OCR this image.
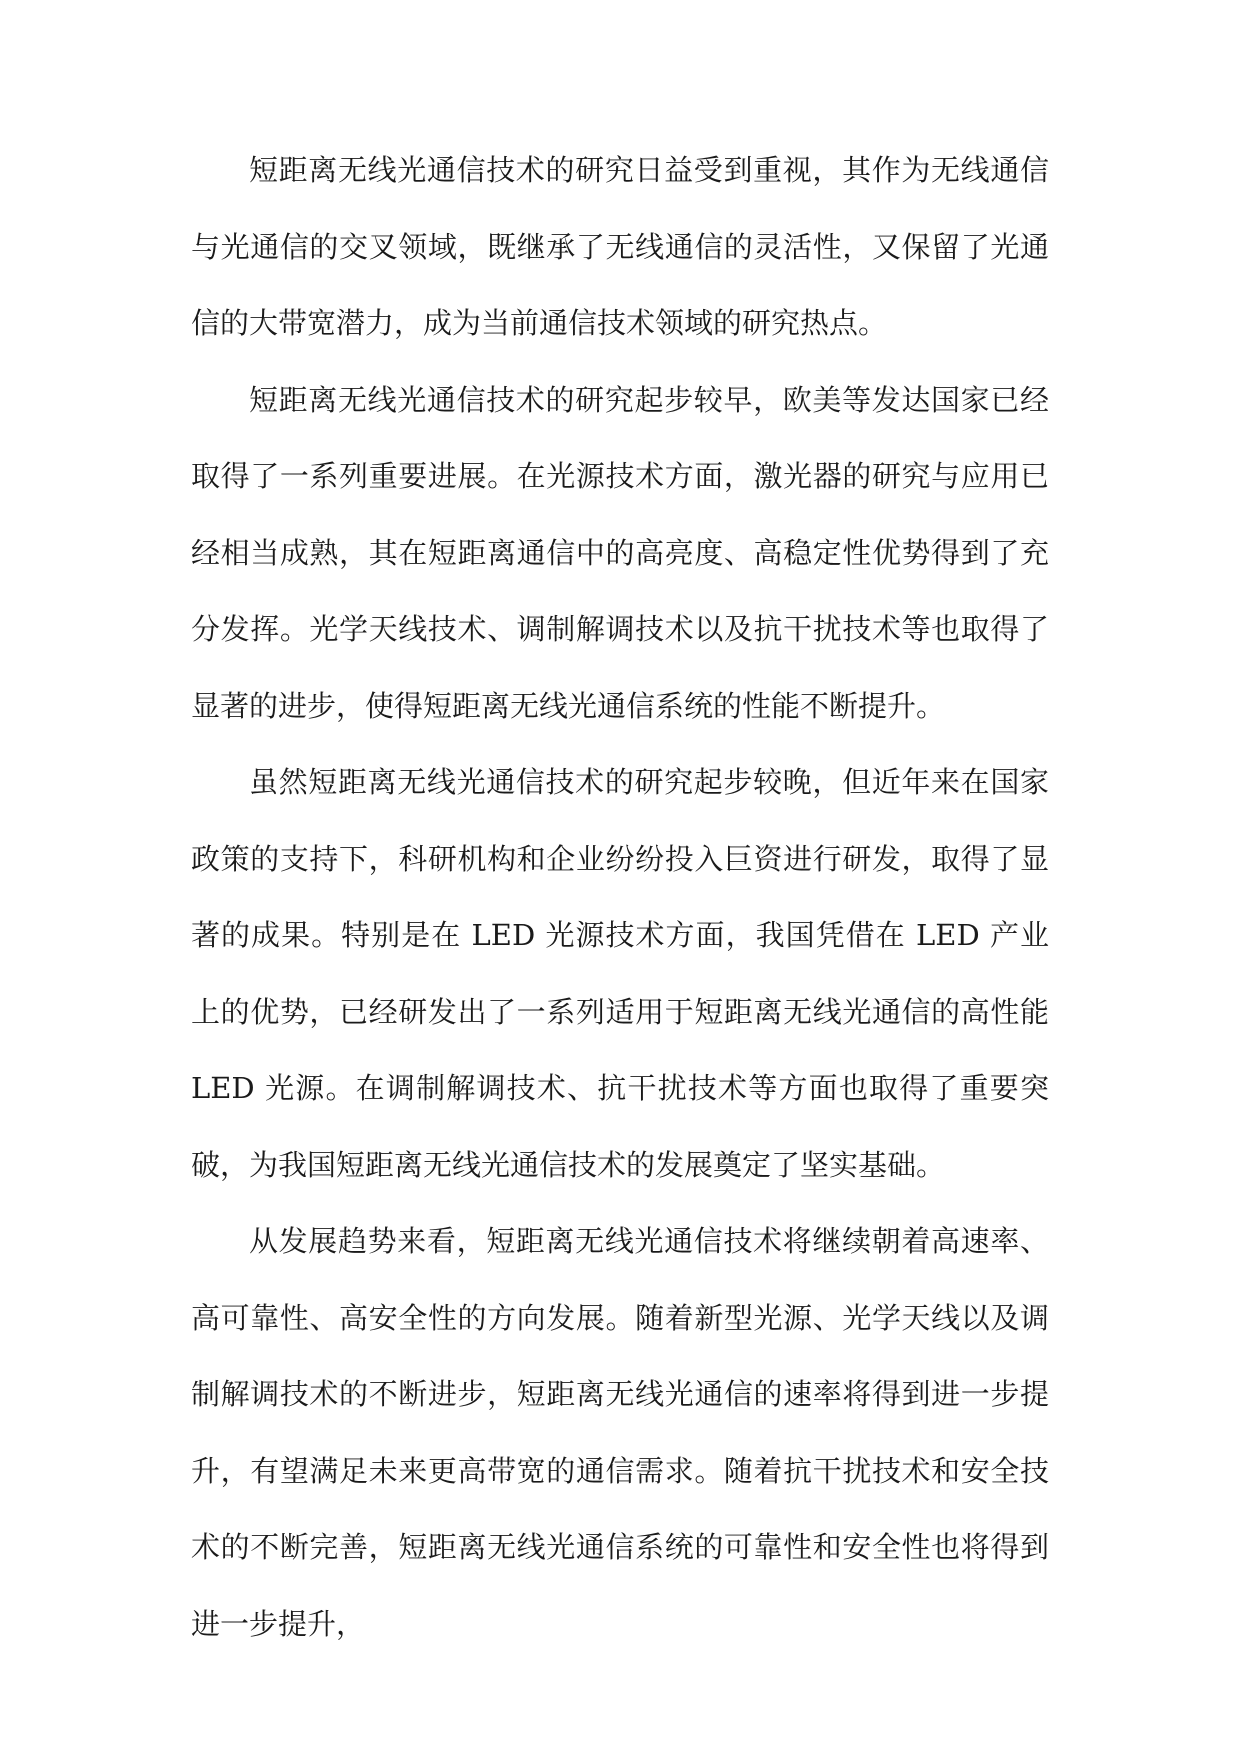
短距离无线光通信技术的研究日益受到重视，其作为无线通信与光通信的交叉领域，既继承了无线通信的灵活性，又保留了光通信的大带宽潜力，成为当前通信技术领域的研究热点。

短距离无线光通信技术的研究起步较早，欧美等发达国家已经取得了一系列重要进展。在光源技术方面，激光器的研究与应用已经相当成熟，其在短距离通信中的高亮度、高稳定性优势得到了充分发挥。光学天线技术、调制解调技术以及抗干扰技术等也取得了显著的进步，使得短距离无线光通信系统的性能不断提升。

虽然短距离无线光通信技术的研究起步较晚，但近年来在国家政策的支持下，科研机构和企业纷纷投入巨资进行研发，取得了显著的成果。特别是在 LED 光源技术方面，我国凭借在 LED 产业上的优势，已经研发出了一系列适用于短距离无线光通信的高性能 LED 光源。在调制解调技术、抗干扰技术等方面也取得了重要突破，为我国短距离无线光通信技术的发展奠定了坚实基础。

从发展趋势来看，短距离无线光通信技术将继续朝着高速率、高可靠性、高安全性的方向发展。随着新型光源、光学天线以及调制解调技术的不断进步，短距离无线光通信的速率将得到进一步提升，有望满足未来更高带宽的通信需求。随着抗干扰技术和安全技术的不断完善，短距离无线光通信系统的可靠性和安全性也将得到进一步提升，
